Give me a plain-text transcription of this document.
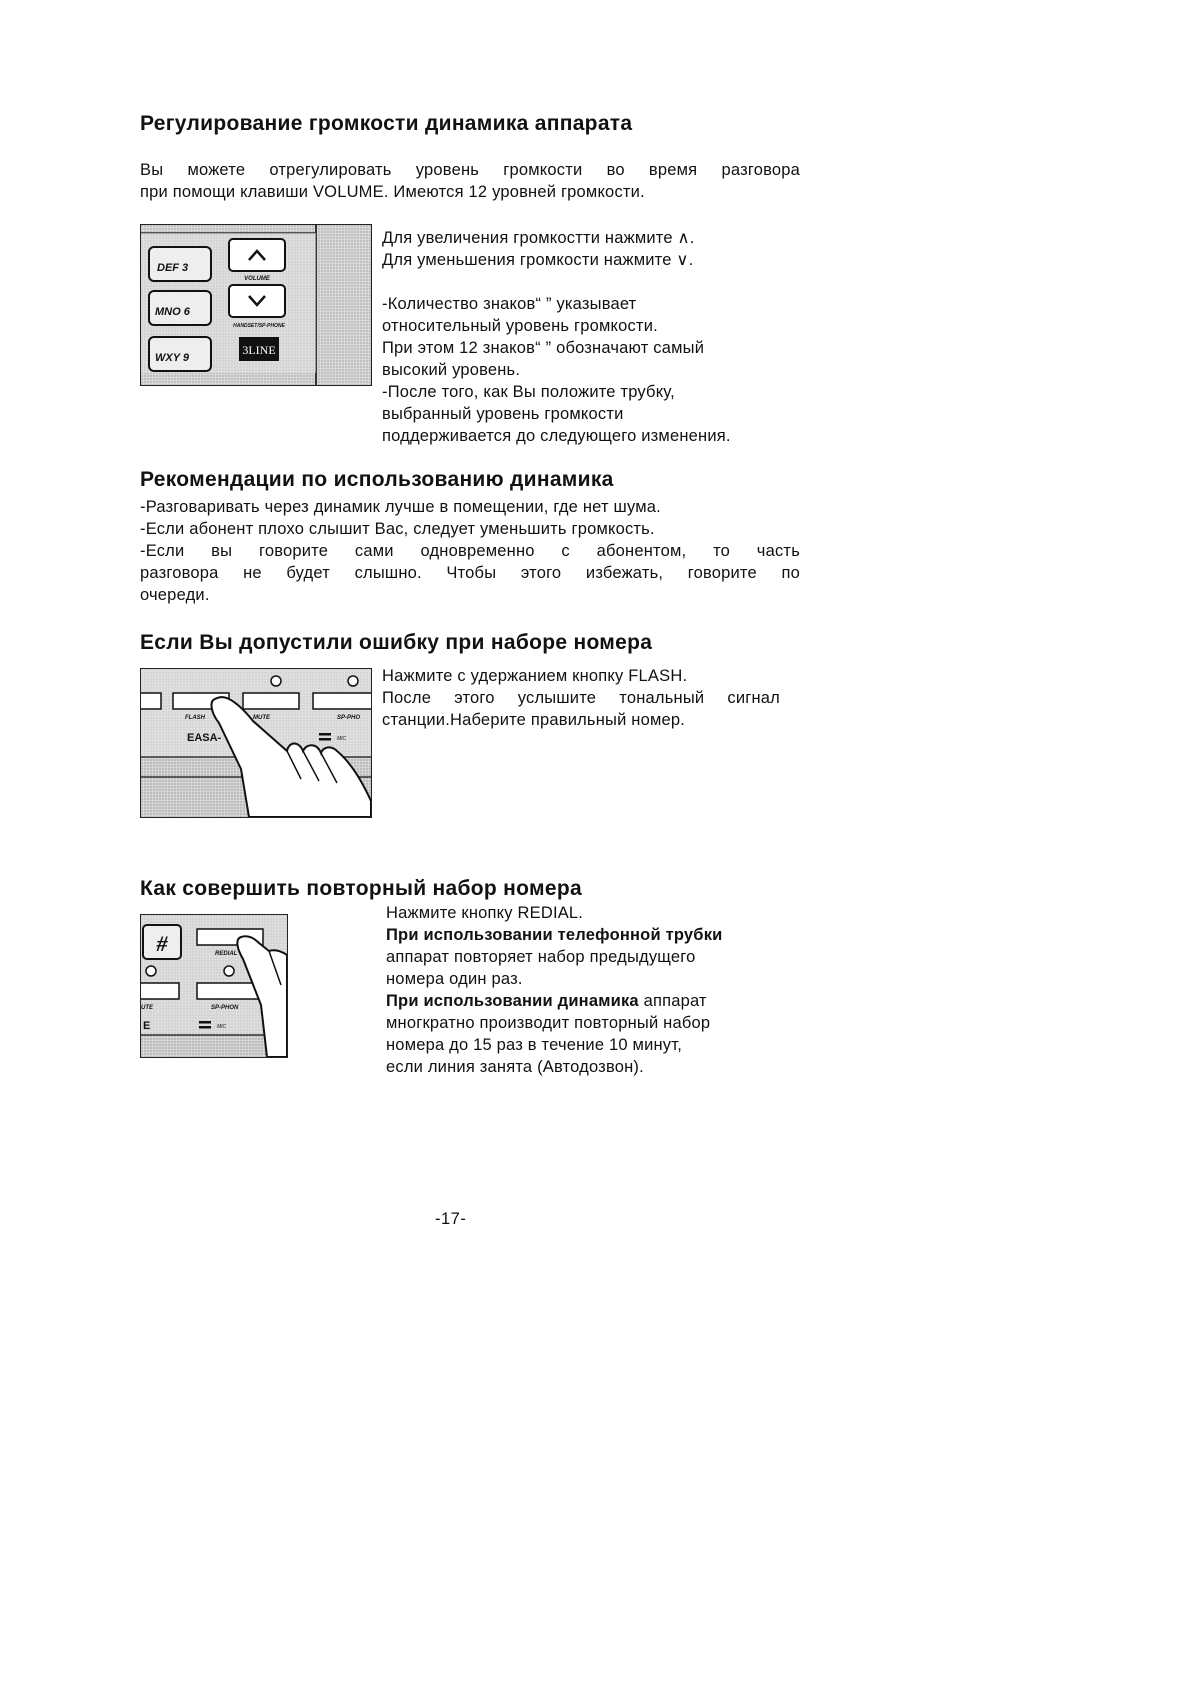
Регулирование громкости динамика аппарата

Вы можете отрегулировать уровень громкости во время разговора

при помощи клавиши VOLUME. Имеются 12 уровней громкости.

DEF 3
MNO 6
WXY 9
VOLUME
HANDSET/SP-PHONE
3LINE

Для увеличения громкоcтти нажмите ∧.

Для уменьшения громкости нажмите ∨.

-Количество знаков“ ” указывает

относительный уровень громкости.

При этом 12 знаков“ ” обозначают самый

высокий уровень.

-После того, как Вы положите трубку,

выбранный уровень громкости

поддерживается до следующего изменения.

Рекомендации по использованию динамика

-Разговаривать через динамик лучше в помещении, где нет шума.

-Если абонент плохо слышит Вас, следует уменьшить громкость.

-Если вы говорите сами одновременно с абонентом, то часть

разговора не будет слышно. Чтобы этого избежать, говорите по

очереди.

Если Вы допустили ошибку при наборе номера
FLASH	MUTE	SP-PHO
EASA-	MIC

Нажмите с удержанием кнопку FLASH.

После этого услышите тональный сигнал

станции.Наберите правильный номер.

Как совершить повторный набор номера
#	REDIAL
UTE	SP-PHON
E	MIC

Нажмите кнопку REDIAL.

При использовании телефонной трубки

аппарат повторяет набор предыдущего

номера один раз.

При использовании динамика аппарат

многкратно производит повторный набор

номера до 15 раз в течение 10 минут,

если линия занята (Автодозвон).

-17-
